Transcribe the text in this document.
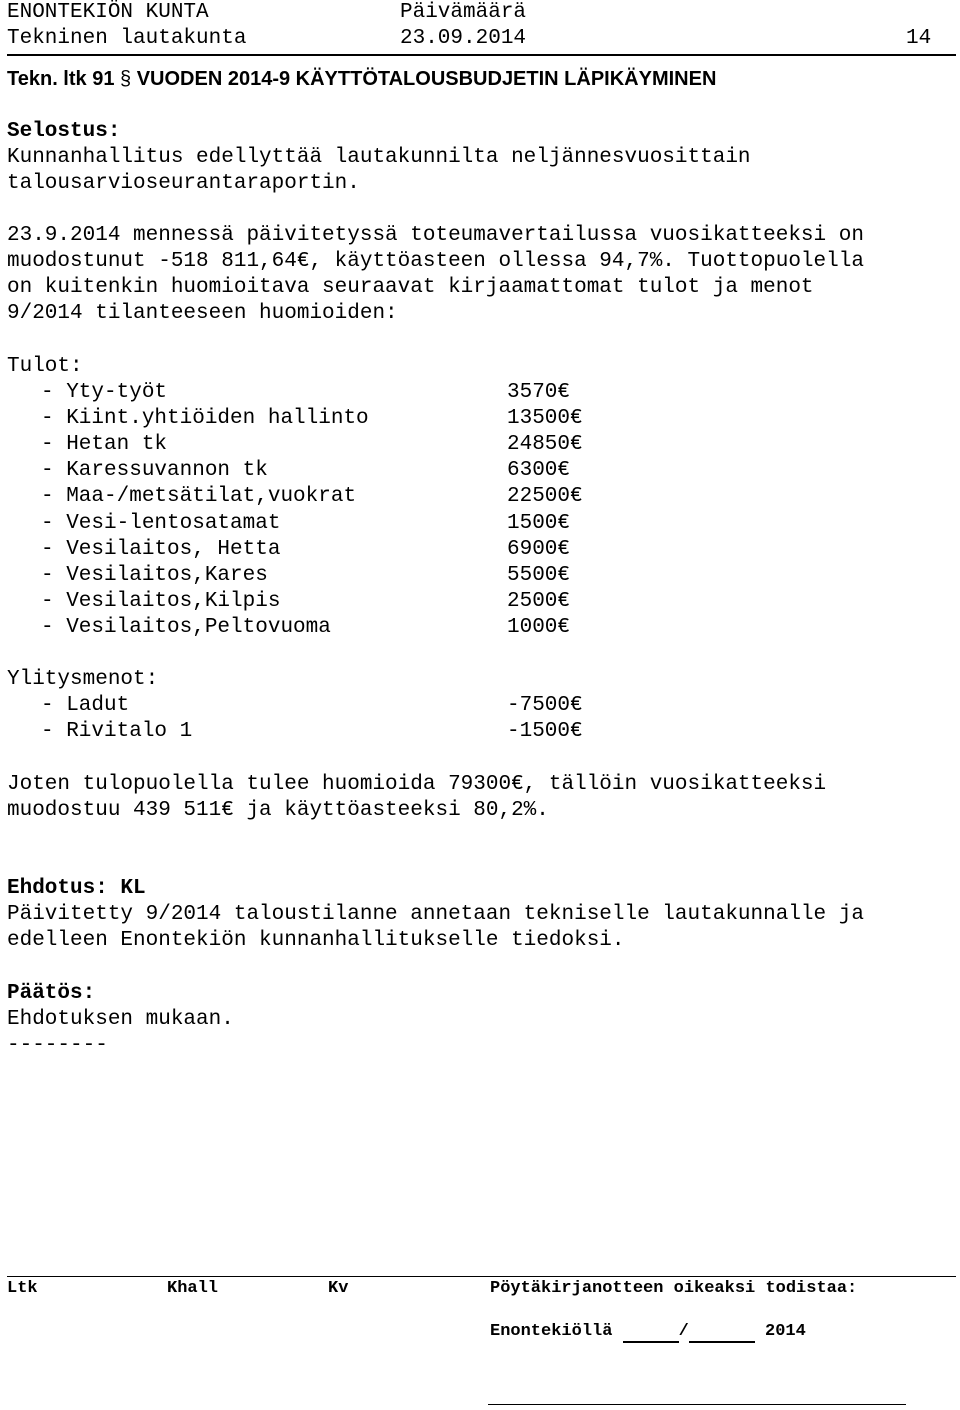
ENONTEKIÖN KUNTA	Päivämäärä
Tekninen lautakunta	23.09.2014	14
Tekn. ltk 91 § VUODEN 2014-9 KÄYTTÖTALOUSBUDJETIN LÄPIKÄYMINEN
Selostus:
Kunnanhallitus edellyttää lautakunnilta neljännesvuosittain
talousarvioseurantaraportin.
23.9.2014 mennessä päivitetyssä toteumavertailussa vuosikatteeksi on
muodostunut -518 811,64€, käyttöasteen ollessa 94,7%. Tuottopuolella
on kuitenkin huomioitava seuraavat kirjaamattomat tulot ja menot
9/2014 tilanteeseen huomioiden:
Tulot:
- Yty-työt	3570€
- Kiint.yhtiöiden hallinto	13500€
- Hetan tk	24850€
- Karessuvannon tk	6300€
- Maa-/metsätilat,vuokrat	22500€
- Vesi-lentosatamat	1500€
- Vesilaitos, Hetta	6900€
- Vesilaitos,Kares	5500€
- Vesilaitos,Kilpis	2500€
- Vesilaitos,Peltovuoma	1000€
Ylitysmenot:
- Ladut	-7500€
- Rivitalo 1	-1500€
Joten tulopuolella tulee huomioida 79300€, tällöin vuosikatteeksi
muodostuu 439 511€ ja käyttöasteeksi 80,2%.
Ehdotus: KL
Päivitetty 9/2014 taloustilanne annetaan tekniselle lautakunnalle ja
edelleen Enontekiön kunnanhallitukselle tiedoksi.
Päätös:
Ehdotuksen mukaan.
--------
Ltk	Khall	Kv	Pöytäkirjanotteen oikeaksi todistaa:
Enontekiöllä	/	2014
